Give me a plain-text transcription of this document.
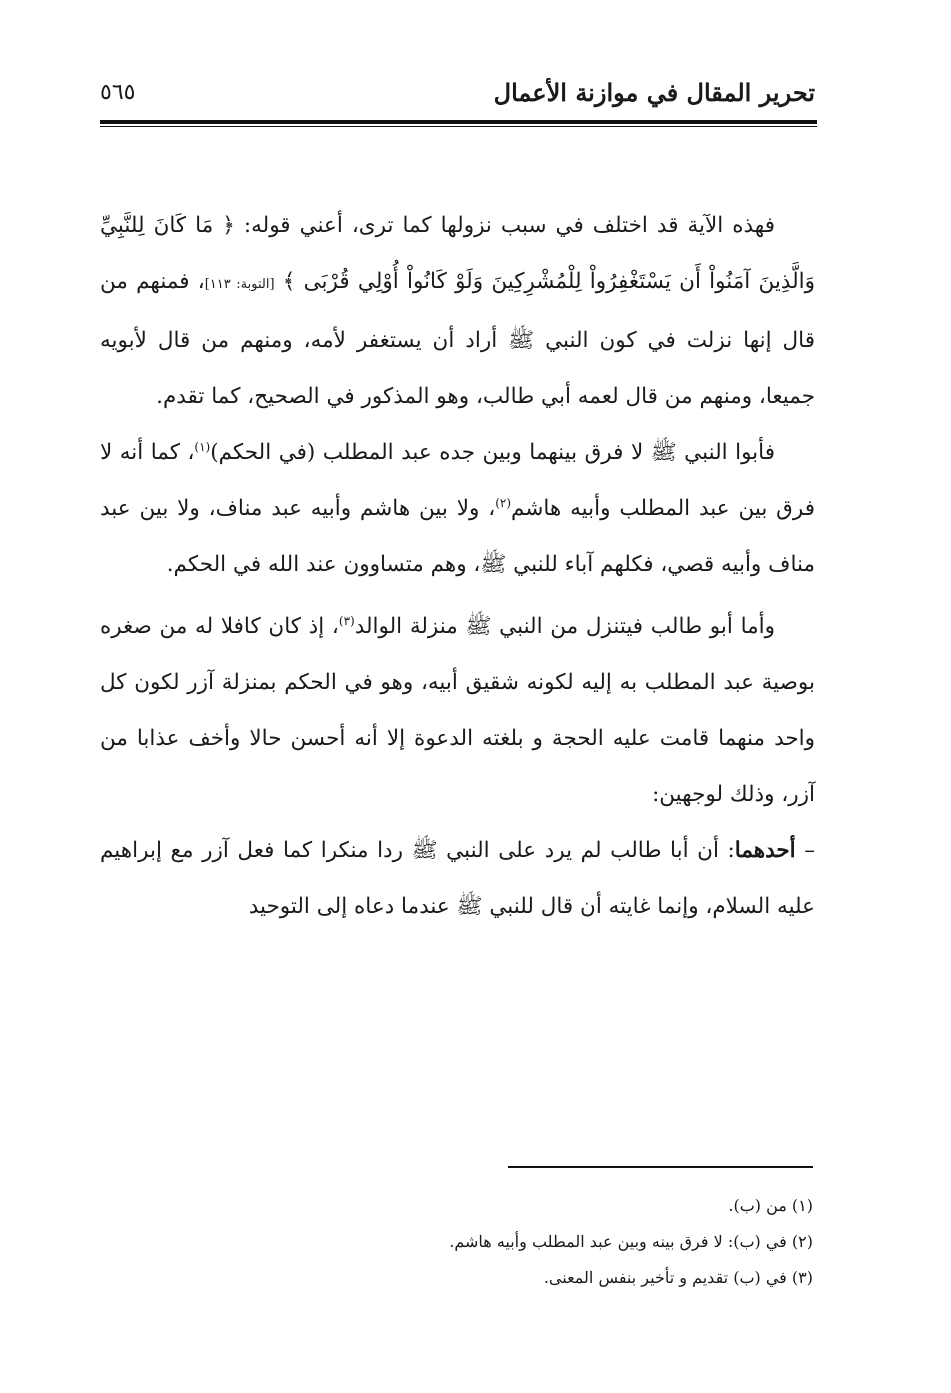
تحرير المقال في موازنة الأعمال
٥٦٥

فهذه الآية قد اختلف في سبب نزولها كما ترى، أعني قوله: ﴿ مَا كَانَ لِلنَّبِيِّ وَالَّذِينَ آمَنُواْ أَن يَسْتَغْفِرُواْ لِلْمُشْرِكِينَ وَلَوْ كَانُواْ أُوْلِي قُرْبَى ﴾ [التوبة: ١١٣]، فمنهم من قال إنها نزلت في كون النبي ﷺ أراد أن يستغفر لأمه، ومنهم من قال لأبويه جميعا، ومنهم من قال لعمه أبي طالب، وهو المذكور في الصحيح، كما تقدم.

فأبوا النبي ﷺ لا فرق بينهما وبين جده عبد المطلب (في الحكم)$^{(١)}$، كما أنه لا فرق بين عبد المطلب وأبيه هاشم$^{(٢)}$، ولا بين هاشم وأبيه عبد مناف، ولا بين عبد مناف وأبيه قصي، فكلهم آباء للنبي ﷺ، وهم متساوون عند الله في الحكم.

وأما أبو طالب فيتنزل من النبي ﷺ منزلة الوالد$^{(٣)}$، إذ كان كافلا له من صغره بوصية عبد المطلب به إليه لكونه شقيق أبيه، وهو في الحكم بمنزلة آزر لكون كل واحد منهما قامت عليه الحجة و بلغته الدعوة إلا أنه أحسن حالا وأخف عذابا من آزر، وذلك لوجهين:

– أحدهما: أن أبا طالب لم يرد على النبي ﷺ ردا منكرا كما فعل آزر مع إبراهيم عليه السلام، وإنما غايته أن قال للنبي ﷺ عندما دعاه إلى التوحيد

(١) من (ب).

(٢) في (ب): لا فرق بينه وبين عبد المطلب وأبيه هاشم.

(٣) في (ب) تقديم و تأخير بنفس المعنى.
